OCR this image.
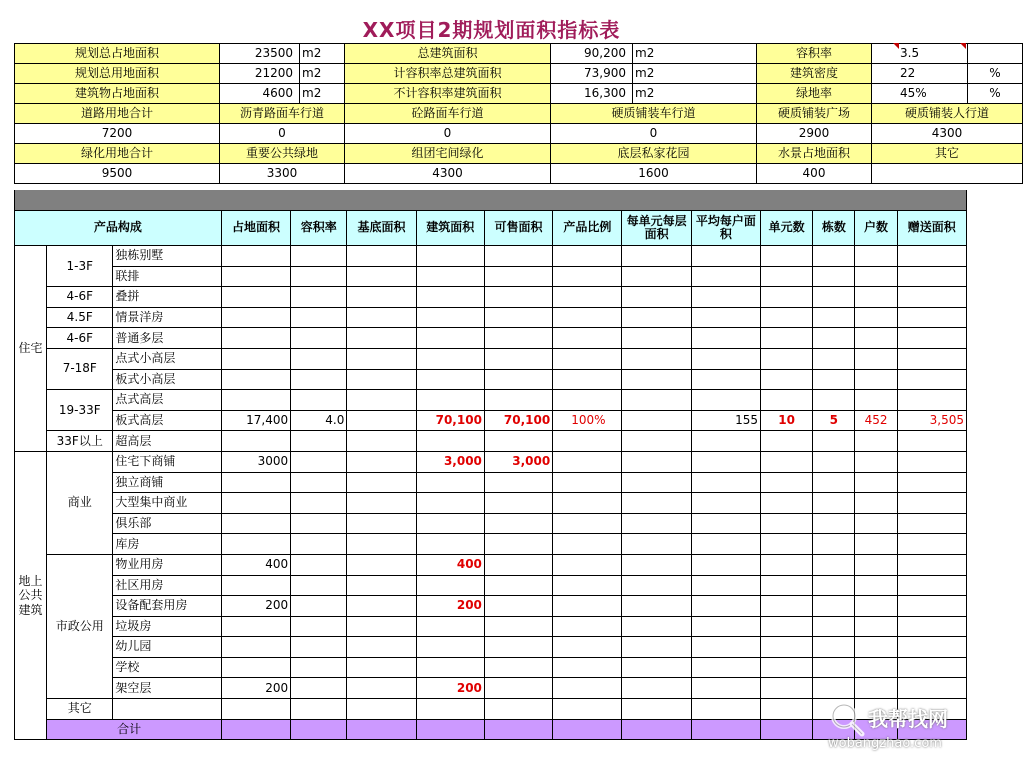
XX项目2期规划面积指标表
规划总占地面积	23500	m2	总建筑面积	90,200	m2	容积率	3.5	
规划总用地面积	21200	m2	计容积率总建筑面积	73,900	m2	建筑密度	22	%
建筑物占地面积	4600	m2	不计容积率建筑面积	16,300	m2	绿地率	45%	%
道路用地合计	沥青路面车行道		砼路面车行道	硬质铺装车行道		硬质铺装广场	硬质铺装人行道	
7200	0		0	0		2900	4300	
绿化用地合计	重要公共绿地		组团宅间绿化	底层私家花园		水景占地面积	其它	
9500	3300		4300	1600		400		
产品构成			占地面积	容积率	基底面积	建筑面积	可售面积	产品比例	每单元每层面积	平均每户面积	单元数	栋数	户数	赠送面积
住宅	1-3F	独栋别墅												
		联排												
	4-6F	叠拼												
	4.5F	情景洋房												
	4-6F	普通多层												
	7-18F	点式小高层												
		板式小高层												
	19-33F	点式高层												
		板式高层	17,400	4.0		70,100	70,100	100%		155	10	5	452	3,505
	33F以上	超高层												
地上公共建筑	商业	住宅下商铺	3000			3,000	3,000							
		独立商铺												
		大型集中商业												
		俱乐部												
		库房												
	市政公用	物业用房	400			400								
		社区用房												
		设备配套用房	200			200								
		垃圾房												
		幼儿园												
		学校												
		架空层	200			200								
	其它													
	合计														我帮找网
wobangzhao.com
